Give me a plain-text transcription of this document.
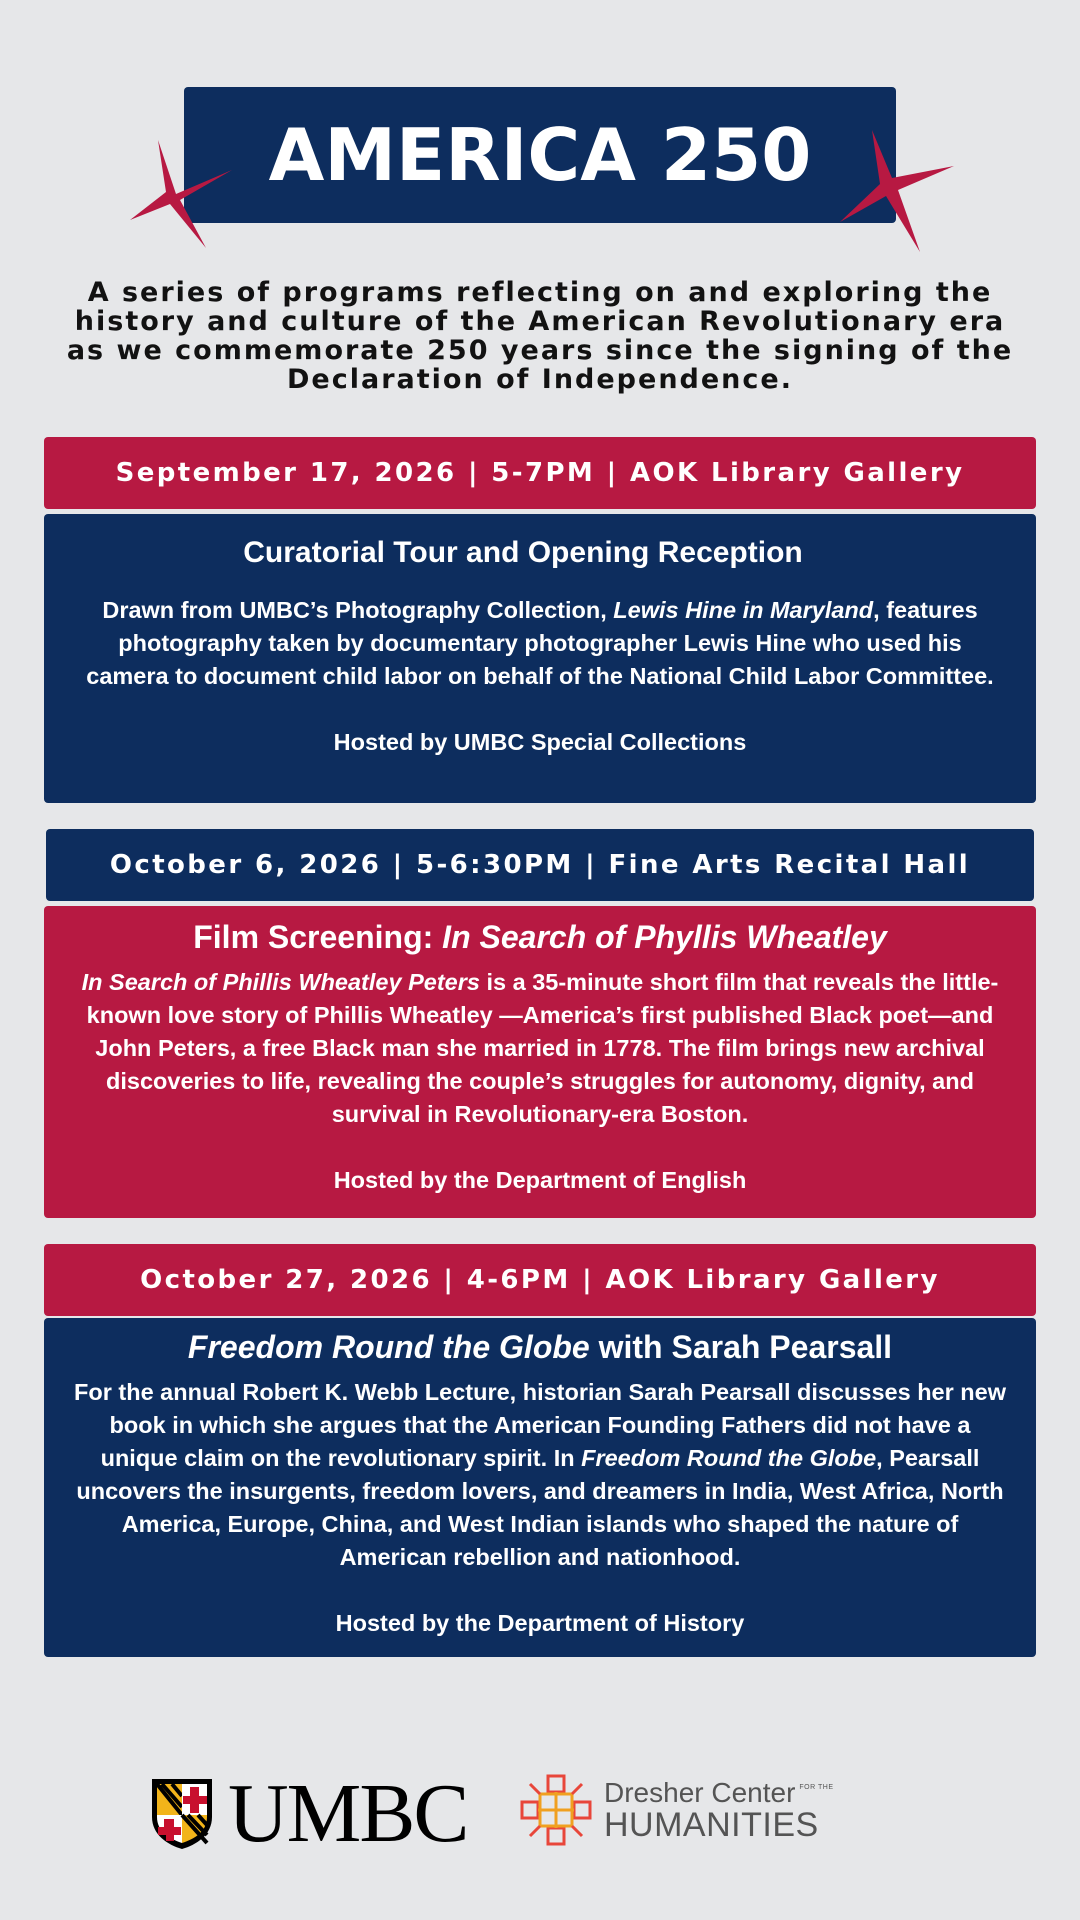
AMERICA 250
A series of programs reflecting on and exploring the history and culture of the American Revolutionary era as we commemorate 250 years since the signing of the Declaration of Independence.
September 17, 2026 | 5-7PM | AOK Library Gallery
Curatorial Tour and Opening Reception
Drawn from UMBC’s Photography Collection, Lewis Hine in Maryland, features photography taken by documentary photographer Lewis Hine who used his camera to document child labor on behalf of the National Child Labor Committee.
Hosted by UMBC Special Collections
October 6, 2026 | 5-6:30PM | Fine Arts Recital Hall
Film Screening: In Search of Phyllis Wheatley
In Search of Phillis Wheatley Peters is a 35-minute short film that reveals the little-known love story of Phillis Wheatley —America’s first published Black poet—and John Peters, a free Black man she married in 1778. The film brings new archival discoveries to life, revealing the couple’s struggles for autonomy, dignity, and survival in Revolutionary-era Boston.
Hosted by the Department of English
October 27, 2026 | 4-6PM | AOK Library Gallery
Freedom Round the Globe with Sarah Pearsall
For the annual Robert K. Webb Lecture, historian Sarah Pearsall discusses her new book in which she argues that the American Founding Fathers did not have a unique claim on the revolutionary spirit. In Freedom Round the Globe, Pearsall uncovers the insurgents, freedom lovers, and dreamers in India, West Africa, North America, Europe, China, and West Indian islands who shaped the nature of American rebellion and nationhood.
Hosted by the Department of History
UMBC	Dresher Center FOR THE
HUMANITIES
